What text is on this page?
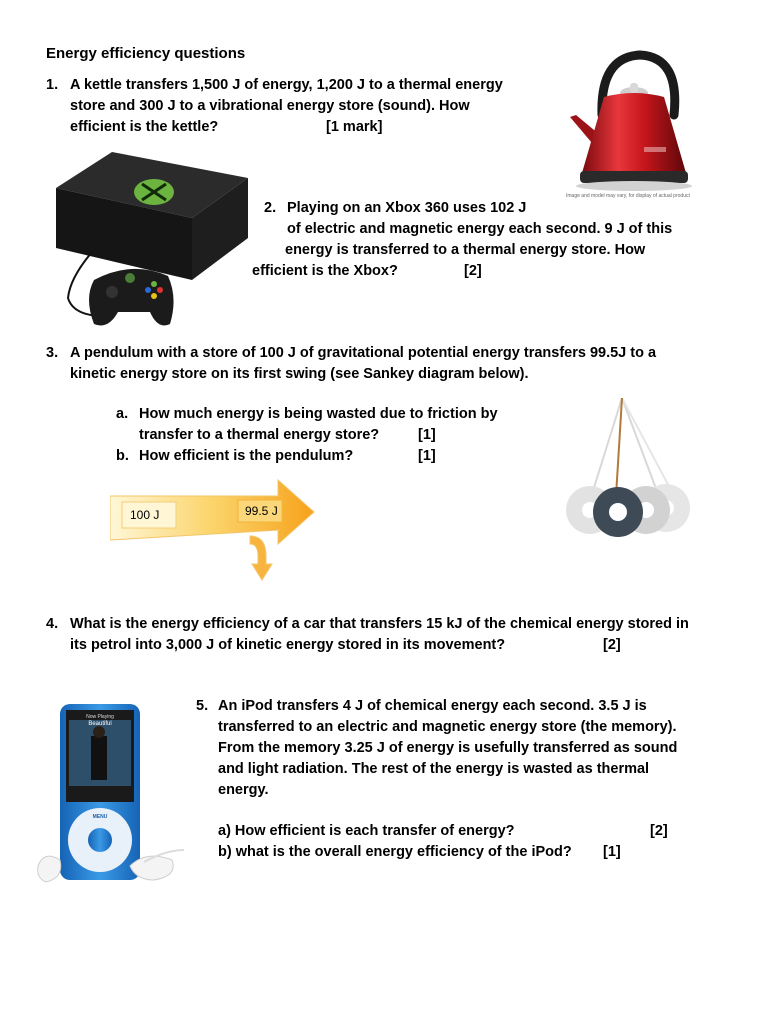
Energy efficiency questions
1. A kettle transfers 1,500 J of energy, 1,200 J to a thermal energy
store and 300 J to a vibrational energy store (sound). How
efficient is the kettle?	[1 mark]
Image and model may vary, for display of actual product
2. Playing on an Xbox 360 uses 102 J
of electric and magnetic energy each second. 9 J of this
energy is transferred to a thermal energy store. How
efficient is the Xbox?	[2]
3. A pendulum with a store of 100 J of gravitational potential energy transfers 99.5J to a
kinetic energy store on its first swing (see Sankey diagram below).
a. How much energy is being wasted due to friction by
transfer to a thermal energy store?	[1]
b. How efficient is the pendulum?	[1]
100 J	99.5 J
4. What is the energy efficiency of a car that transfers 15 kJ of the chemical energy stored in
its petrol into 3,000 J of kinetic energy stored in its movement?	[2]
Now Playing
Beautiful
MENU
5. An iPod transfers 4 J of chemical energy each second. 3.5 J is
transferred to an electric and magnetic energy store (the memory).
From the memory 3.25 J of energy is usefully transferred as sound
and light radiation. The rest of the energy is wasted as thermal
energy.
a) How efficient is each transfer of energy?	[2]
b) what is the overall energy efficiency of the iPod? [1]
